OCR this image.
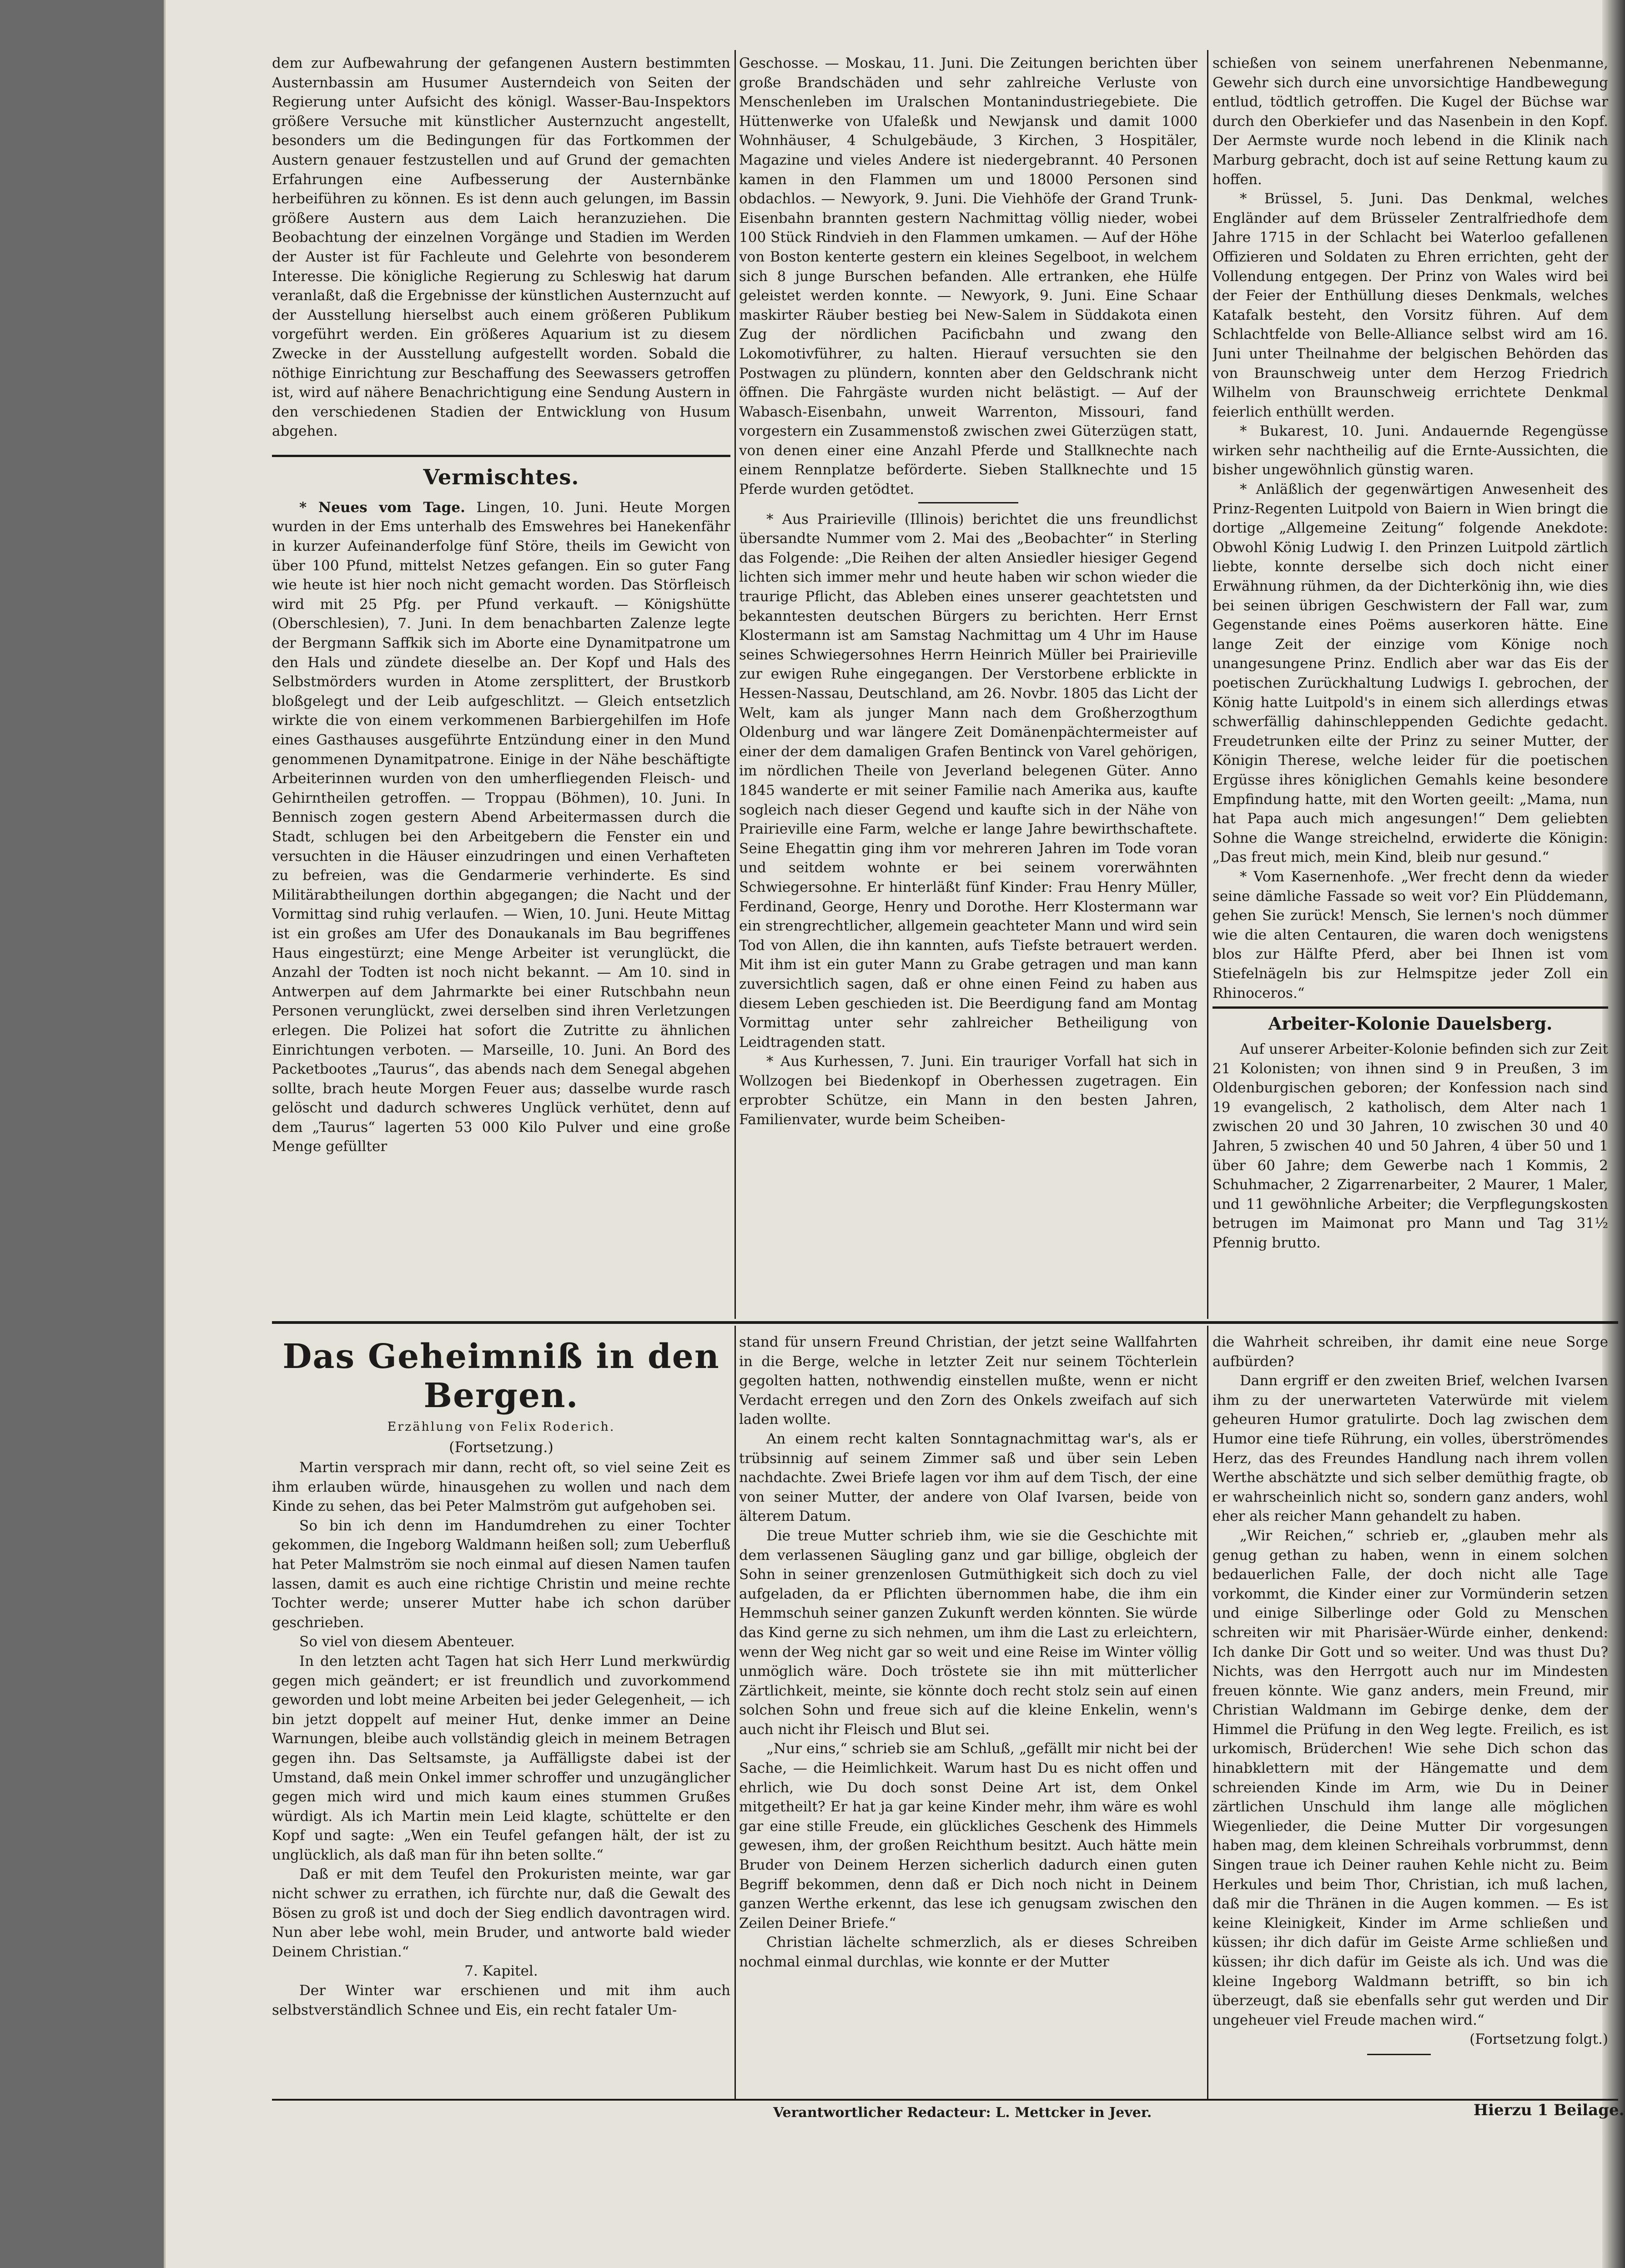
dem zur Aufbewahrung der gefangenen Austern bestimmten Austernbassin am Husumer Austerndeich von Seiten der Regierung unter Aufsicht des königl. Wasser-Bau-Inspektors größere Versuche mit künstlicher Austernzucht angestellt, besonders um die Bedingungen für das Fortkommen der Austern genauer festzustellen und auf Grund der gemachten Erfahrungen eine Aufbesserung der Austernbänke herbeiführen zu können. Es ist denn auch gelungen, im Bassin größere Austern aus dem Laich heranzuziehen. Die Beobachtung der einzelnen Vorgänge und Stadien im Werden der Auster ist für Fachleute und Gelehrte von besonderem Interesse. Die königliche Regierung zu Schleswig hat darum veranlaßt, daß die Ergebnisse der künstlichen Austernzucht auf der Ausstellung hierselbst auch einem größeren Publikum vorgeführt werden. Ein größeres Aquarium ist zu diesem Zwecke in der Ausstellung aufgestellt worden. Sobald die nöthige Einrichtung zur Beschaffung des Seewassers getroffen ist, wird auf nähere Benachrichtigung eine Sendung Austern in den verschiedenen Stadien der Entwicklung von Husum abgehen.

Vermischtes.

* Neues vom Tage. Lingen, 10. Juni. Heute Morgen wurden in der Ems unterhalb des Emswehres bei Hanekenfähr in kurzer Aufeinanderfolge fünf Störe, theils im Gewicht von über 100 Pfund, mittelst Netzes gefangen. Ein so guter Fang wie heute ist hier noch nicht gemacht worden. Das Störfleisch wird mit 25 Pfg. per Pfund verkauft. — Königshütte (Oberschlesien), 7. Juni. In dem benachbarten Zalenze legte der Bergmann Saffkik sich im Aborte eine Dynamitpatrone um den Hals und zündete dieselbe an. Der Kopf und Hals des Selbstmörders wurden in Atome zersplittert, der Brustkorb bloßgelegt und der Leib aufgeschlitzt. — Gleich entsetzlich wirkte die von einem verkommenen Barbiergehilfen im Hofe eines Gasthauses ausgeführte Entzündung einer in den Mund genommenen Dynamitpatrone. Einige in der Nähe beschäftigte Arbeiterinnen wurden von den umherfliegenden Fleisch- und Gehirntheilen getroffen. — Troppau (Böhmen), 10. Juni. In Bennisch zogen gestern Abend Arbeitermassen durch die Stadt, schlugen bei den Arbeitgebern die Fenster ein und versuchten in die Häuser einzudringen und einen Verhafteten zu befreien, was die Gendarmerie verhinderte. Es sind Militärabtheilungen dorthin abgegangen; die Nacht und der Vormittag sind ruhig verlaufen. — Wien, 10. Juni. Heute Mittag ist ein großes am Ufer des Donaukanals im Bau begriffenes Haus eingestürzt; eine Menge Arbeiter ist verunglückt, die Anzahl der Todten ist noch nicht bekannt. — Am 10. sind in Antwerpen auf dem Jahrmarkte bei einer Rutschbahn neun Personen verunglückt, zwei derselben sind ihren Verletzungen erlegen. Die Polizei hat sofort die Zutritte zu ähnlichen Einrichtungen verboten. — Marseille, 10. Juni. An Bord des Packetbootes „Taurus“, das abends nach dem Senegal abgehen sollte, brach heute Morgen Feuer aus; dasselbe wurde rasch gelöscht und dadurch schweres Unglück verhütet, denn auf dem „Taurus“ lagerten 53 000 Kilo Pulver und eine große Menge gefüllter

Geschosse. — Moskau, 11. Juni. Die Zeitungen berichten über große Brandschäden und sehr zahlreiche Verluste von Menschenleben im Uralschen Montanindustriegebiete. Die Hüttenwerke von Ufaleßk und Newjansk und damit 1000 Wohnhäuser, 4 Schulgebäude, 3 Kirchen, 3 Hospitäler, Magazine und vieles Andere ist niedergebrannt. 40 Personen kamen in den Flammen um und 18000 Personen sind obdachlos. — Newyork, 9. Juni. Die Viehhöfe der Grand Trunk-Eisenbahn brannten gestern Nachmittag völlig nieder, wobei 100 Stück Rindvieh in den Flammen umkamen. — Auf der Höhe von Boston kenterte gestern ein kleines Segelboot, in welchem sich 8 junge Burschen befanden. Alle ertranken, ehe Hülfe geleistet werden konnte. — Newyork, 9. Juni. Eine Schaar maskirter Räuber bestieg bei New-Salem in Süddakota einen Zug der nördlichen Pacificbahn und zwang den Lokomotivführer, zu halten. Hierauf versuchten sie den Postwagen zu plündern, konnten aber den Geldschrank nicht öffnen. Die Fahrgäste wurden nicht belästigt. — Auf der Wabasch-Eisenbahn, unweit Warrenton, Missouri, fand vorgestern ein Zusammenstoß zwischen zwei Güterzügen statt, von denen einer eine Anzahl Pferde und Stallknechte nach einem Rennplatze beförderte. Sieben Stallknechte und 15 Pferde wurden getödtet.

* Aus Prairieville (Illinois) berichtet die uns freundlichst übersandte Nummer vom 2. Mai des „Beobachter“ in Sterling das Folgende: „Die Reihen der alten Ansiedler hiesiger Gegend lichten sich immer mehr und heute haben wir schon wieder die traurige Pflicht, das Ableben eines unserer geachtetsten und bekanntesten deutschen Bürgers zu berichten. Herr Ernst Klostermann ist am Samstag Nachmittag um 4 Uhr im Hause seines Schwiegersohnes Herrn Heinrich Müller bei Prairieville zur ewigen Ruhe eingegangen. Der Verstorbene erblickte in Hessen-Nassau, Deutschland, am 26. Novbr. 1805 das Licht der Welt, kam als junger Mann nach dem Großherzogthum Oldenburg und war längere Zeit Domänenpächtermeister auf einer der dem damaligen Grafen Bentinck von Varel gehörigen, im nördlichen Theile von Jeverland belegenen Güter. Anno 1845 wanderte er mit seiner Familie nach Amerika aus, kaufte sogleich nach dieser Gegend und kaufte sich in der Nähe von Prairieville eine Farm, welche er lange Jahre bewirthschaftete. Seine Ehegattin ging ihm vor mehreren Jahren im Tode voran und seitdem wohnte er bei seinem vorerwähnten Schwiegersohne. Er hinterläßt fünf Kinder: Frau Henry Müller, Ferdinand, George, Henry und Dorothe. Herr Klostermann war ein strengrechtlicher, allgemein geachteter Mann und wird sein Tod von Allen, die ihn kannten, aufs Tiefste betrauert werden. Mit ihm ist ein guter Mann zu Grabe getragen und man kann zuversichtlich sagen, daß er ohne einen Feind zu haben aus diesem Leben geschieden ist. Die Beerdigung fand am Montag Vormittag unter sehr zahlreicher Betheiligung von Leidtragenden statt.

* Aus Kurhessen, 7. Juni. Ein trauriger Vorfall hat sich in Wollzogen bei Biedenkopf in Oberhessen zugetragen. Ein erprobter Schütze, ein Mann in den besten Jahren, Familienvater, wurde beim Scheiben-

schießen von seinem unerfahrenen Nebenmanne, Gewehr sich durch eine unvorsichtige Handbewegung entlud, tödtlich getroffen. Die Kugel der Büchse war durch den Oberkiefer und das Nasenbein in den Kopf. Der Aermste wurde noch lebend in die Klinik nach Marburg gebracht, doch ist auf seine Rettung kaum zu hoffen.

* Brüssel, 5. Juni. Das Denkmal, welches Engländer auf dem Brüsseler Zentralfriedhofe dem Jahre 1715 in der Schlacht bei Waterloo gefallenen Offizieren und Soldaten zu Ehren errichten, geht der Vollendung entgegen. Der Prinz von Wales wird bei der Feier der Enthüllung dieses Denkmals, welches Katafalk besteht, den Vorsitz führen. Auf dem Schlachtfelde von Belle-Alliance selbst wird am 16. Juni unter Theilnahme der belgischen Behörden das von Braunschweig unter dem Herzog Friedrich Wilhelm von Braunschweig errichtete Denkmal feierlich enthüllt werden.

* Bukarest, 10. Juni. Andauernde Regengüsse wirken sehr nachtheilig auf die Ernte-Aussichten, die bisher ungewöhnlich günstig waren.

* Anläßlich der gegenwärtigen Anwesenheit des Prinz-Regenten Luitpold von Baiern in Wien bringt die dortige „Allgemeine Zeitung“ folgende Anekdote: Obwohl König Ludwig I. den Prinzen Luitpold zärtlich liebte, konnte derselbe sich doch nicht einer Erwähnung rühmen, da der Dichterkönig ihn, wie dies bei seinen übrigen Geschwistern der Fall war, zum Gegenstande eines Poëms auserkoren hätte. Eine lange Zeit der einzige vom Könige noch unangesungene Prinz. Endlich aber war das Eis der poetischen Zurückhaltung Ludwigs I. gebrochen, der König hatte Luitpold's in einem sich allerdings etwas schwerfällig dahinschleppenden Gedichte gedacht. Freudetrunken eilte der Prinz zu seiner Mutter, der Königin Therese, welche leider für die poetischen Ergüsse ihres königlichen Gemahls keine besondere Empfindung hatte, mit den Worten geeilt: „Mama, nun hat Papa auch mich angesungen!“ Dem geliebten Sohne die Wange streichelnd, erwiderte die Königin: „Das freut mich, mein Kind, bleib nur gesund.“

* Vom Kasernenhofe. „Wer frecht denn da wieder seine dämliche Fassade so weit vor? Ein Plüddemann, gehen Sie zurück! Mensch, Sie lernen's noch dümmer wie die alten Centauren, die waren doch wenigstens blos zur Hälfte Pferd, aber bei Ihnen ist vom Stiefelnägeln bis zur Helmspitze jeder Zoll ein Rhinoceros.“

Arbeiter-Kolonie Dauelsberg.

Auf unserer Arbeiter-Kolonie befinden sich zur Zeit 21 Kolonisten; von ihnen sind 9 in Preußen, 3 im Oldenburgischen geboren; der Konfession nach sind 19 evangelisch, 2 katholisch, dem Alter nach 1 zwischen 20 und 30 Jahren, 10 zwischen 30 und 40 Jahren, 5 zwischen 40 und 50 Jahren, 4 über 50 und 1 über 60 Jahre; dem Gewerbe nach 1 Kommis, 2 Schuhmacher, 2 Zigarrenarbeiter, 2 Maurer, 1 Maler, und 11 gewöhnliche Arbeiter; die Verpflegungskosten betrugen im Maimonat pro Mann und Tag 31½ Pfennig brutto.

Das Geheimniß in den Bergen.
Erzählung von Felix Roderich.
(Fortsetzung.)

Martin versprach mir dann, recht oft, so viel seine Zeit es ihm erlauben würde, hinausgehen zu wollen und nach dem Kinde zu sehen, das bei Peter Malmström gut aufgehoben sei.

So bin ich denn im Handumdrehen zu einer Tochter gekommen, die Ingeborg Waldmann heißen soll; zum Ueberfluß hat Peter Malmström sie noch einmal auf diesen Namen taufen lassen, damit es auch eine richtige Christin und meine rechte Tochter werde; unserer Mutter habe ich schon darüber geschrieben.

So viel von diesem Abenteuer.

In den letzten acht Tagen hat sich Herr Lund merkwürdig gegen mich geändert; er ist freundlich und zuvorkommend geworden und lobt meine Arbeiten bei jeder Gelegenheit, — ich bin jetzt doppelt auf meiner Hut, denke immer an Deine Warnungen, bleibe auch vollständig gleich in meinem Betragen gegen ihn. Das Seltsamste, ja Auffälligste dabei ist der Umstand, daß mein Onkel immer schroffer und unzugänglicher gegen mich wird und mich kaum eines stummen Grußes würdigt. Als ich Martin mein Leid klagte, schüttelte er den Kopf und sagte: „Wen ein Teufel gefangen hält, der ist zu unglücklich, als daß man für ihn beten sollte.“

Daß er mit dem Teufel den Prokuristen meinte, war gar nicht schwer zu errathen, ich fürchte nur, daß die Gewalt des Bösen zu groß ist und doch der Sieg endlich davontragen wird. Nun aber lebe wohl, mein Bruder, und antworte bald wieder Deinem Christian.“

7. Kapitel.

Der Winter war erschienen und mit ihm auch selbstverständlich Schnee und Eis, ein recht fataler Um-

stand für unsern Freund Christian, der jetzt seine Wallfahrten in die Berge, welche in letzter Zeit nur seinem Töchterlein gegolten hatten, nothwendig einstellen mußte, wenn er nicht Verdacht erregen und den Zorn des Onkels zweifach auf sich laden wollte.

An einem recht kalten Sonntagnachmittag war's, als er trübsinnig auf seinem Zimmer saß und über sein Leben nachdachte. Zwei Briefe lagen vor ihm auf dem Tisch, der eine von seiner Mutter, der andere von Olaf Ivarsen, beide von älterem Datum.

Die treue Mutter schrieb ihm, wie sie die Geschichte mit dem verlassenen Säugling ganz und gar billige, obgleich der Sohn in seiner grenzenlosen Gutmüthigkeit sich doch zu viel aufgeladen, da er Pflichten übernommen habe, die ihm ein Hemmschuh seiner ganzen Zukunft werden könnten. Sie würde das Kind gerne zu sich nehmen, um ihm die Last zu erleichtern, wenn der Weg nicht gar so weit und eine Reise im Winter völlig unmöglich wäre. Doch tröstete sie ihn mit mütterlicher Zärtlichkeit, meinte, sie könnte doch recht stolz sein auf einen solchen Sohn und freue sich auf die kleine Enkelin, wenn's auch nicht ihr Fleisch und Blut sei.

„Nur eins,“ schrieb sie am Schluß, „gefällt mir nicht bei der Sache, — die Heimlichkeit. Warum hast Du es nicht offen und ehrlich, wie Du doch sonst Deine Art ist, dem Onkel mitgetheilt? Er hat ja gar keine Kinder mehr, ihm wäre es wohl gar eine stille Freude, ein glückliches Geschenk des Himmels gewesen, ihm, der großen Reichthum besitzt. Auch hätte mein Bruder von Deinem Herzen sicherlich dadurch einen guten Begriff bekommen, denn daß er Dich noch nicht in Deinem ganzen Werthe erkennt, das lese ich genugsam zwischen den Zeilen Deiner Briefe.“

Christian lächelte schmerzlich, als er dieses Schreiben nochmal einmal durchlas, wie konnte er der Mutter

die Wahrheit schreiben, ihr damit eine neue Sorge aufbürden?

Dann ergriff er den zweiten Brief, welchen Ivarsen ihm zu der unerwarteten Vaterwürde mit vielem geheuren Humor gratulirte. Doch lag zwischen dem Humor eine tiefe Rührung, ein volles, überströmendes Herz, das des Freundes Handlung nach ihrem vollen Werthe abschätzte und sich selber demüthig fragte, ob er wahrscheinlich nicht so, sondern ganz anders, wohl eher als reicher Mann gehandelt zu haben.

„Wir Reichen,“ schrieb er, „glauben mehr als genug gethan zu haben, wenn in einem solchen bedauerlichen Falle, der doch nicht alle Tage vorkommt, die Kinder einer zur Vormünderin setzen und einige Silberlinge oder Gold zu Menschen schreiten wir mit Pharisäer-Würde einher, denkend: Ich danke Dir Gott und so weiter. Und was thust Du? Nichts, was den Herrgott auch nur im Mindesten freuen könnte. Wie ganz anders, mein Freund, mir Christian Waldmann im Gebirge denke, dem der Himmel die Prüfung in den Weg legte. Freilich, es ist urkomisch, Brüderchen! Wie sehe Dich schon das hinabklettern mit der Hängematte und dem schreienden Kinde im Arm, wie Du in Deiner zärtlichen Unschuld ihm lange alle möglichen Wiegenlieder, die Deine Mutter Dir vorgesungen haben mag, dem kleinen Schreihals vorbrummst, denn Singen traue ich Deiner rauhen Kehle nicht zu. Beim Herkules und beim Thor, Christian, ich muß lachen, daß mir die Thränen in die Augen kommen. — Es ist keine Kleinigkeit, Kinder im Arme schließen und küssen; ihr dich dafür im Geiste Arme schließen und küssen; ihr dich dafür im Geiste als ich. Und was die kleine Ingeborg Waldmann betrifft, so bin ich überzeugt, daß sie ebenfalls sehr gut werden und Dir ungeheuer viel Freude machen wird.“

(Fortsetzung folgt.)

Verantwortlicher Redacteur: L. Mettcker in Jever.	Hierzu 1 Beilage.
